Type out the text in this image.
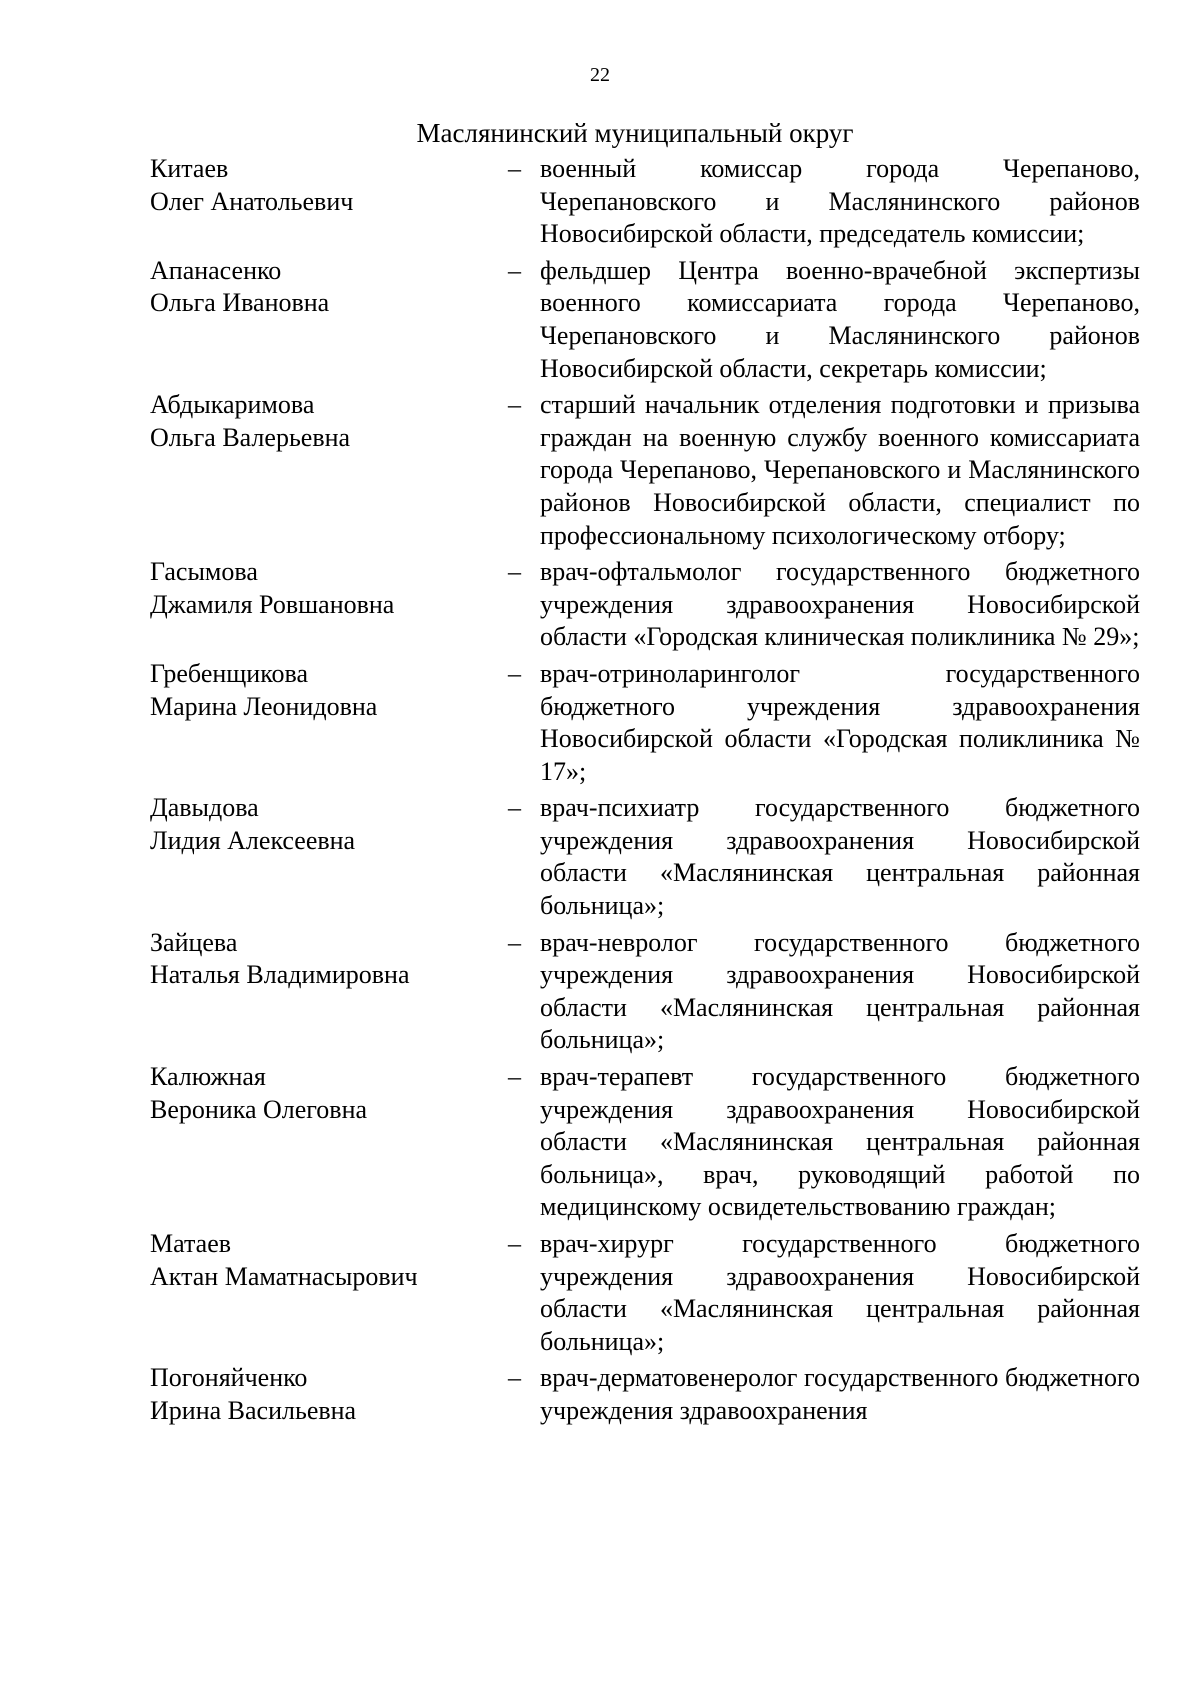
22
Маслянинский муниципальный округ
Китаев
Олег Анатольевич
– военный комиссар города Черепаново, Черепановского и Маслянинского районов Новосибирской области, председатель комиссии;
Апанасенко
Ольга Ивановна
– фельдшер Центра военно-врачебной экспертизы военного комиссариата города Черепаново, Черепановского и Маслянинского районов Новосибирской области, секретарь комиссии;
Абдыкаримова
Ольга Валерьевна
– старший начальник отделения подготовки и призыва граждан на военную службу военного комиссариата города Черепаново, Черепановского и Маслянинского районов Новосибирской области, специалист по профессиональному психологическому отбору;
Гасымова
Джамиля Ровшановна
– врач-офтальмолог государственного бюджетного учреждения здравоохранения Новосибирской области «Городская клиническая поликлиника № 29»;
Гребенщикова
Марина Леонидовна
– врач-отриноларинголог государственного бюджетного учреждения здравоохранения Новосибирской области «Городская поликлиника № 17»;
Давыдова
Лидия Алексеевна
– врач-психиатр государственного бюджетного учреждения здравоохранения Новосибирской области «Маслянинская центральная районная больница»;
Зайцева
Наталья Владимировна
– врач-невролог государственного бюджетного учреждения здравоохранения Новосибирской области «Маслянинская центральная районная больница»;
Калюжная
Вероника Олеговна
– врач-терапевт государственного бюджетного учреждения здравоохранения Новосибирской области «Маслянинская центральная районная больница», врач, руководящий работой по медицинскому освидетельствованию граждан;
Матаев
Актан Маматнасырович
– врач-хирург государственного бюджетного учреждения здравоохранения Новосибирской области «Маслянинская центральная районная больница»;
Погоняйченко
Ирина Васильевна
– врач-дерматовенеролог государственного бюджетного учреждения здравоохранения
